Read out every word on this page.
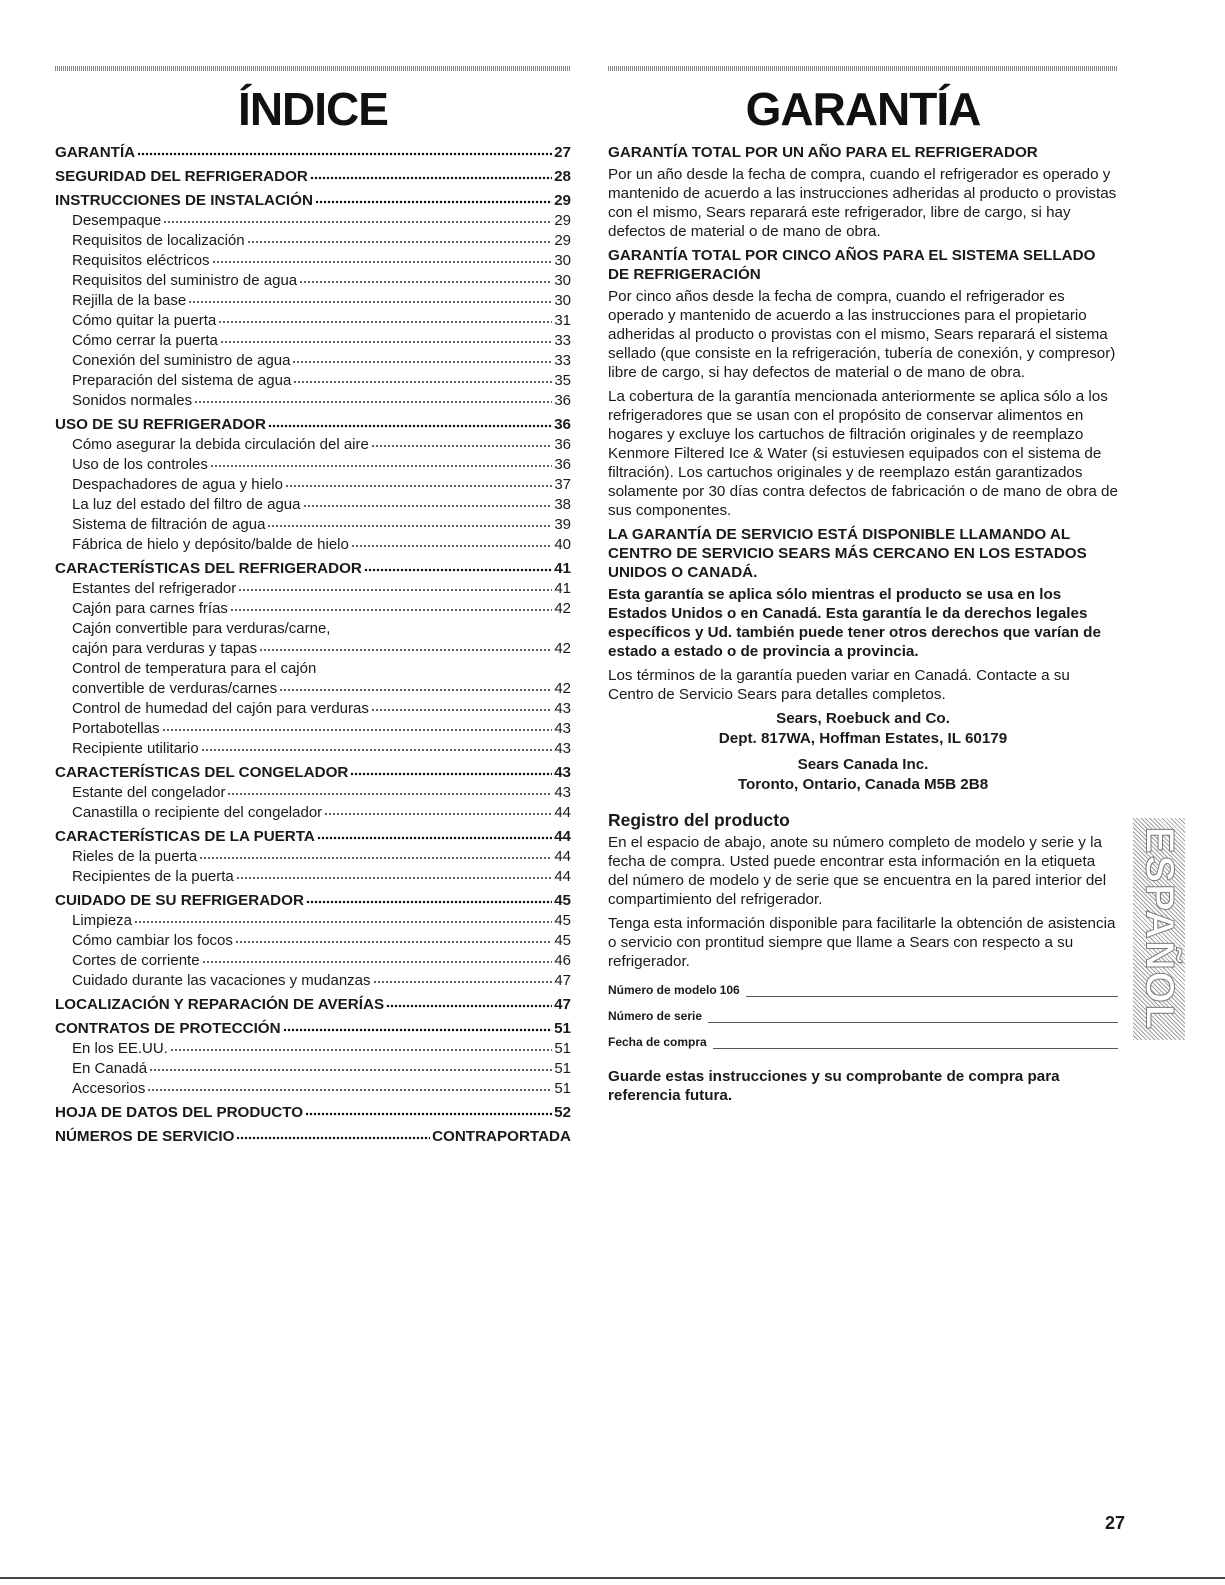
ÍNDICE
GARANTÍA	27
SEGURIDAD DEL REFRIGERADOR	28
INSTRUCCIONES DE INSTALACIÓN	29
Desempaque	29
Requisitos de localización	29
Requisitos eléctricos	30
Requisitos del suministro de agua	30
Rejilla de la base	30
Cómo quitar la puerta	31
Cómo cerrar la puerta	33
Conexión del suministro de agua	33
Preparación del sistema de agua	35
Sonidos normales	36
USO DE SU REFRIGERADOR	36
Cómo asegurar la debida circulación del aire	36
Uso de los controles	36
Despachadores de agua y hielo	37
La luz del estado del filtro de agua	38
Sistema de filtración de agua	39
Fábrica de hielo y depósito/balde de hielo	40
CARACTERÍSTICAS DEL REFRIGERADOR	41
Estantes del refrigerador	41
Cajón para carnes frías	42
Cajón convertible para verduras/carne,
cajón para verduras y tapas	42
Control de temperatura para el cajón
convertible de verduras/carnes	42
Control de humedad del cajón para verduras	43
Portabotellas	43
Recipiente utilitario	43
CARACTERÍSTICAS DEL CONGELADOR	43
Estante del congelador	43
Canastilla o recipiente del congelador	44
CARACTERÍSTICAS DE LA PUERTA	44
Rieles de la puerta	44
Recipientes de la puerta	44
CUIDADO DE SU REFRIGERADOR	45
Limpieza	45
Cómo cambiar los focos	45
Cortes de corriente	46
Cuidado durante las vacaciones y mudanzas	47
LOCALIZACIÓN Y REPARACIÓN DE AVERÍAS	47
CONTRATOS DE PROTECCIÓN	51
En los EE.UU.	51
En Canadá	51
Accesorios	51
HOJA DE DATOS DEL PRODUCTO	52
NÚMEROS DE SERVICIO	CONTRAPORTADA
GARANTÍA
GARANTÍA TOTAL POR UN AÑO PARA EL REFRIGERADOR

Por un año desde la fecha de compra, cuando el refrigerador es operado y mantenido de acuerdo a las instrucciones adheridas al producto o provistas con el mismo, Sears reparará este refrigerador, libre de cargo, si hay defectos de material o de mano de obra.

GARANTÍA TOTAL POR CINCO AÑOS PARA EL SISTEMA SELLADO DE REFRIGERACIÓN

Por cinco años desde la fecha de compra, cuando el refrigerador es operado y mantenido de acuerdo a las instrucciones para el propietario adheridas al producto o provistas con el mismo, Sears reparará el sistema sellado (que consiste en la refrigeración, tubería de conexión, y compresor) libre de cargo, si hay defectos de material o de mano de obra.

La cobertura de la garantía mencionada anteriormente se aplica sólo a los refrigeradores que se usan con el propósito de conservar alimentos en hogares y excluye los cartuchos de filtración originales y de reemplazo Kenmore Filtered Ice & Water (si estuviesen equipados con el sistema de filtración). Los cartuchos originales y de reemplazo están garantizados solamente por 30 días contra defectos de fabricación o de mano de obra de sus componentes.

LA GARANTÍA DE SERVICIO ESTÁ DISPONIBLE LLAMANDO AL CENTRO DE SERVICIO SEARS MÁS CERCANO EN LOS ESTADOS UNIDOS O CANADÁ.

Esta garantía se aplica sólo mientras el producto se usa en los Estados Unidos o en Canadá. Esta garantía le da derechos legales específicos y Ud. también puede tener otros derechos que varían de estado a estado o de provincia a provincia.

Los términos de la garantía pueden variar en Canadá. Contacte a su Centro de Servicio Sears para detalles completos.

Sears, Roebuck and Co.
Dept. 817WA, Hoffman Estates, IL 60179
Sears Canada Inc.
Toronto, Ontario, Canada M5B 2B8
Registro del producto

En el espacio de abajo, anote su número completo de modelo y serie y la fecha de compra. Usted puede encontrar esta información en la etiqueta del número de modelo y de serie que se encuentra en la pared interior del compartimiento del refrigerador.

Tenga esta información disponible para facilitarle la obtención de asistencia o servicio con prontitud siempre que llame a Sears con respecto a su refrigerador.

Número de modelo 106
Número de serie
Fecha de compra

Guarde estas instrucciones y su comprobante de compra para referencia futura.

ESPAÑOL
27
